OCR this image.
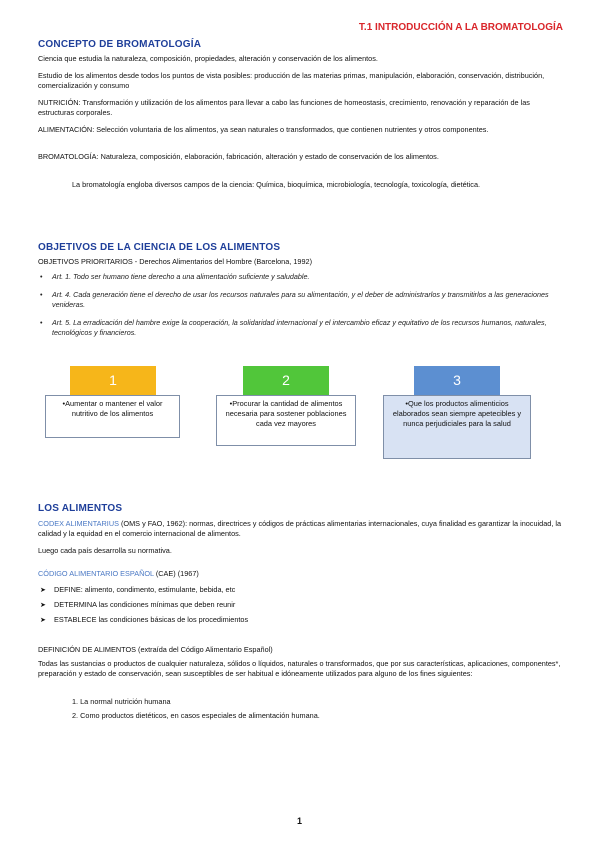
T.1 INTRODUCCIÓN A LA BROMATOLOGÍA
CONCEPTO DE BROMATOLOGÍA
Ciencia que estudia la naturaleza, composición, propiedades, alteración y conservación de los alimentos.
Estudio de los alimentos desde todos los puntos de vista posibles: producción de las materias primas, manipulación, elaboración, conservación, distribución, comercialización y consumo
NUTRICIÓN: Transformación y utilización de los alimentos para llevar a cabo las funciones de homeostasis, crecimiento, renovación y reparación de las estructuras corporales.
ALIMENTACIÓN: Selección voluntaria de los alimentos, ya sean naturales o transformados, que contienen nutrientes y otros componentes.
BROMATOLOGÍA: Naturaleza, composición, elaboración, fabricación, alteración y estado de conservación de los alimentos.
La bromatología engloba diversos campos de la ciencia: Química, bioquímica, microbiología, tecnología, toxicología, dietética.
OBJETIVOS DE LA CIENCIA DE LOS ALIMENTOS
OBJETIVOS PRIORITARIOS - Derechos Alimentarios del Hombre (Barcelona, 1992)
• Art. 1. Todo ser humano tiene derecho a una alimentación suficiente y saludable.
• Art. 4. Cada generación tiene el derecho de usar los recursos naturales para su alimentación, y el deber de administrarlos y transmitirlos a las generaciones venideras.
• Art. 5. La erradicación del hambre exige la cooperación, la solidaridad internacional y el intercambio eficaz y equitativo de los recursos humanos, naturales, tecnológicos y financieros.
1
•Aumentar o mantener el valor nutritivo de los alimentos
2
•Procurar la cantidad de alimentos necesaria para sostener poblaciones cada vez mayores
3
•Que los productos alimenticios elaborados sean siempre apetecibles y nunca perjudiciales para la salud
LOS ALIMENTOS
CODEX ALIMENTARIUS (OMS y FAO, 1962): normas, directrices y códigos de prácticas alimentarias internacionales, cuya finalidad es garantizar la inocuidad, la calidad y la equidad en el comercio internacional de alimentos.
Luego cada país desarrolla su normativa.
CÓDIGO ALIMENTARIO ESPAÑOL (CAE) (1967)
➤ DEFINE: alimento, condimento, estimulante, bebida, etc
➤ DETERMINA las condiciones mínimas que deben reunir
➤ ESTABLECE las condiciones básicas de los procedimientos
DEFINICIÓN DE ALIMENTOS (extraída del Código Alimentario Español)
Todas las sustancias o productos de cualquier naturaleza, sólidos o líquidos, naturales o transformados, que por sus características, aplicaciones, componentes*, preparación y estado de conservación, sean susceptibles de ser habitual e idóneamente utilizados para alguno de los fines siguientes:
1. La normal nutrición humana
2. Como productos dietéticos, en casos especiales de alimentación humana.
1
